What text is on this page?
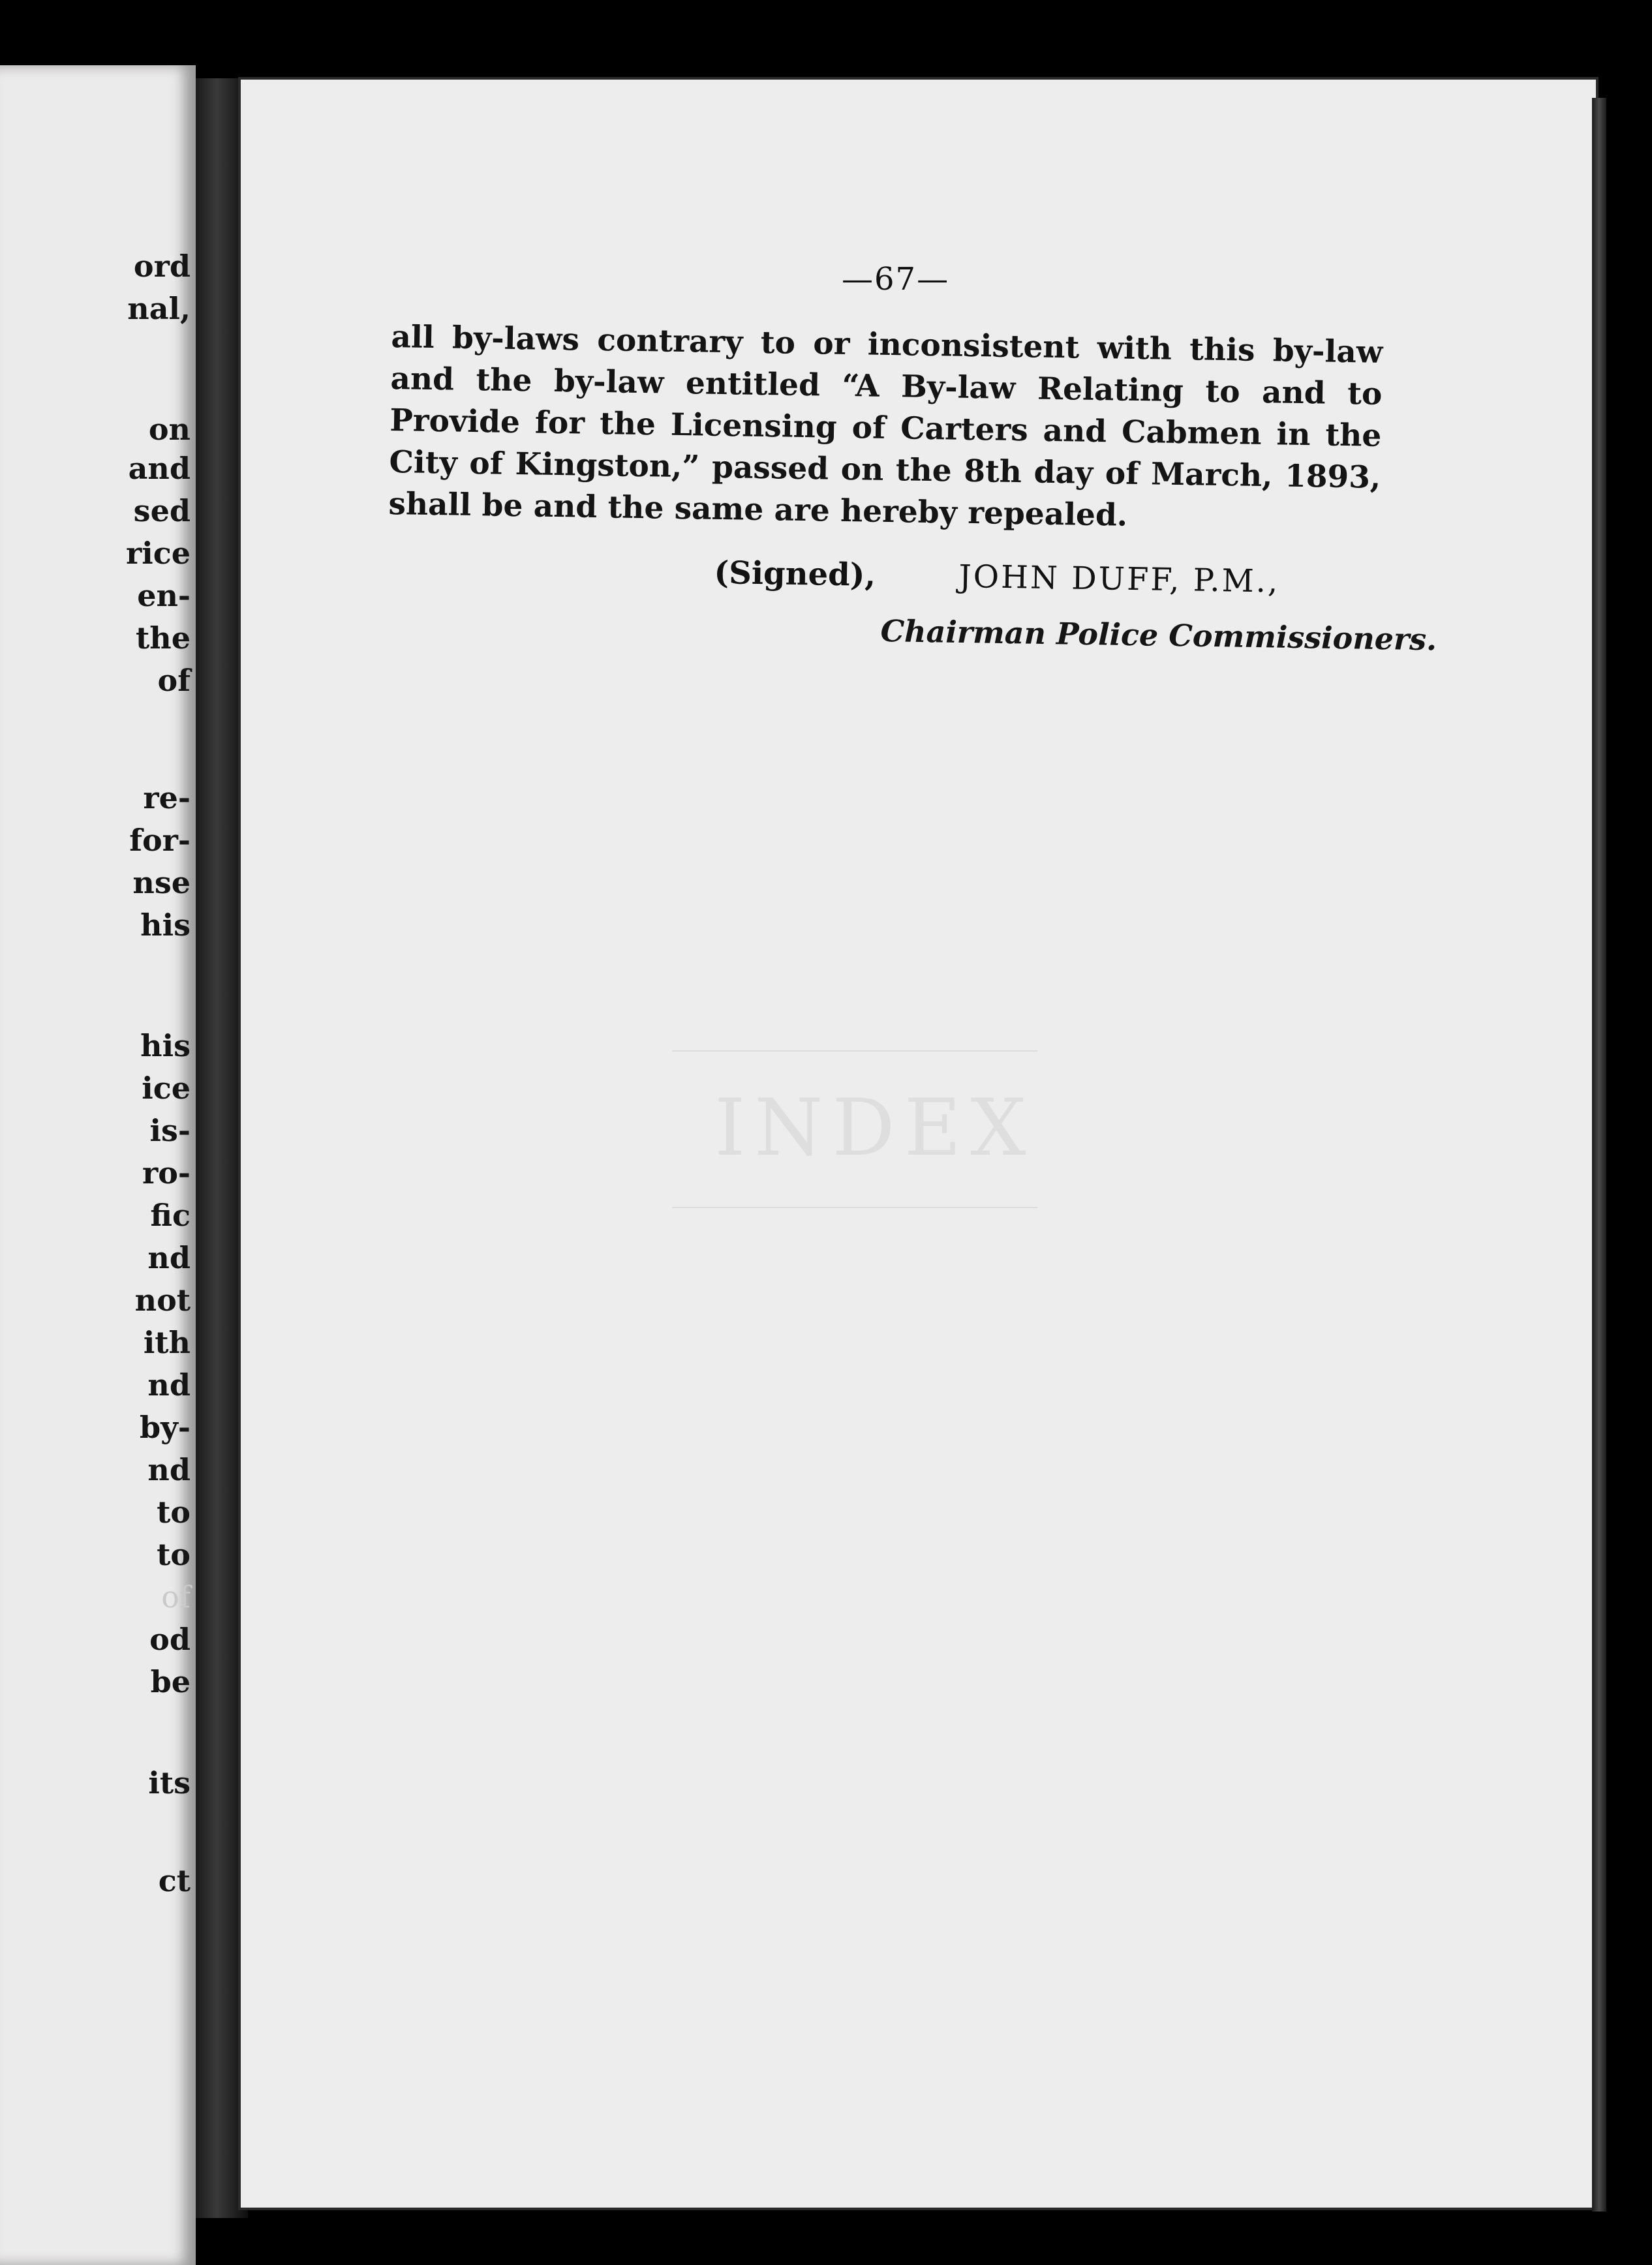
ord
nal,
on
and
sed
rice
en-
the
of
re-
for-
nse
his
his
ice
is-
ro-
fic
nd
not
ith
nd
by-
nd
to
to
of
od
be
its
ct
INDEX
—67—
all by-laws contrary to or inconsistent with this by-law and the by-law entitled “A By-law Relating to and to Provide for the Licensing of Carters and Cabmen in the City of Kingston,” passed on the 8th day of March, 1893, shall be and the same are hereby repealed.
(Signed),	JOHN DUFF, P.M.,
Chairman Police Commissioners.
